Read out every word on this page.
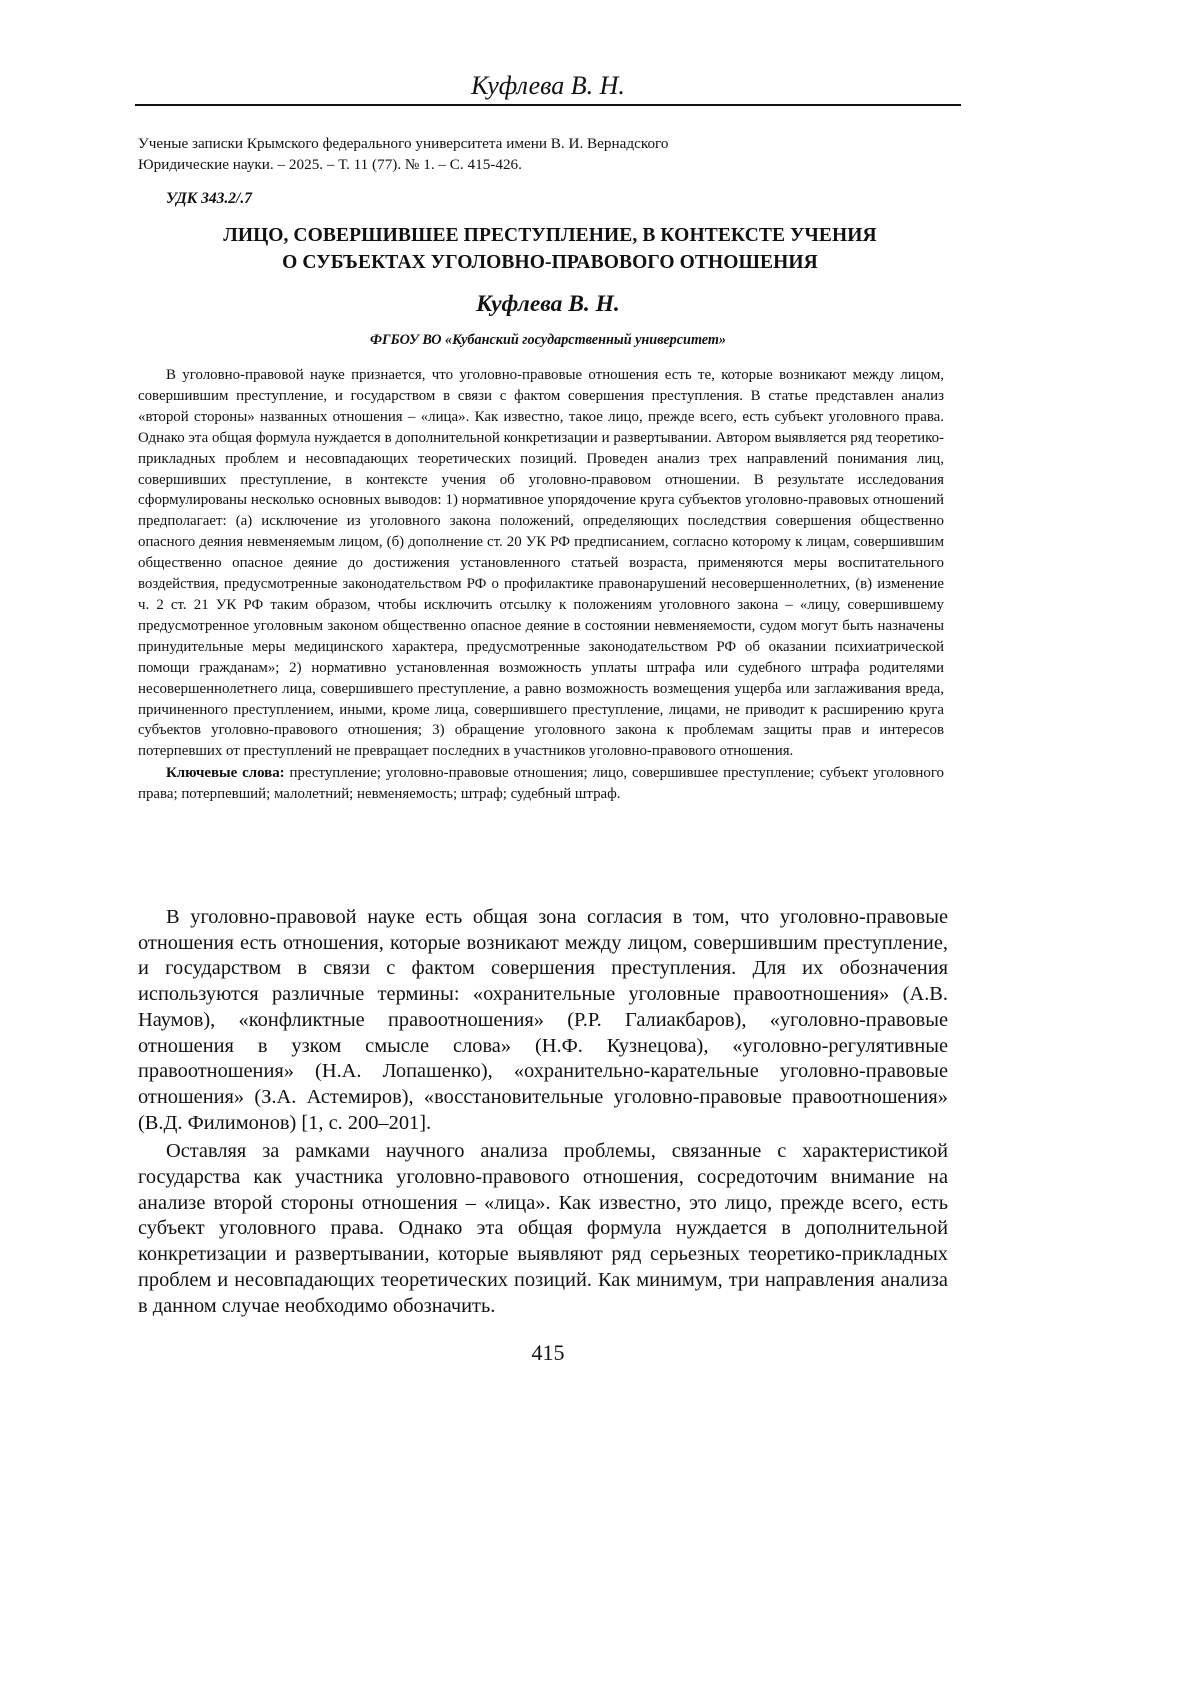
Куфлева В. Н.
Ученые записки Крымского федерального университета имени В. И. Вернадского
Юридические науки. – 2025. – Т. 11 (77). № 1. – С. 415-426.
УДК 343.2/.7
ЛИЦО, СОВЕРШИВШЕЕ ПРЕСТУПЛЕНИЕ, В КОНТЕКСТЕ УЧЕНИЯ
О СУБЪЕКТАХ УГОЛОВНО-ПРАВОВОГО ОТНОШЕНИЯ
Куфлева В. Н.
ФГБОУ ВО «Кубанский государственный университет»

В уголовно-правовой науке признается, что уголовно-правовые отношения есть те, которые возни­кают между лицом, совершившим преступление, и государством в связи с фактом совершения пре­ступления. В статье представлен анализ «второй стороны» названных отношения – «лица». Как из­вестно, такое лицо, прежде всего, есть субъект уголовного права. Однако эта общая формула нуждает­ся в дополнительной конкретизации и развертывании. Автором выявляется ряд теоретико-прикладных проблем и несовпадающих теоретических позиций. Проведен анализ трех направлений понимания лиц, совершивших преступление, в контексте учения об уголовно-правовом отношении. В результате исследования сформулированы несколько основных выводов: 1) нормативное упорядочение круга субъектов уголовно-правовых отношений предполагает: (а) исключение из уголовного закона положе­ний, определяющих последствия совершения общественно опасного деяния невменяемым лицом, (б) дополнение ст. 20 УК РФ предписанием, согласно которому к лицам, совершившим общественно опасное деяние до достижения установленного статьей возраста, применяются меры воспитательного воздействия, предусмотренные законодательством РФ о профилактике правонарушений несовершен­нолетних, (в) изменение ч. 2 ст. 21 УК РФ таким образом, чтобы исключить отсылку к положениям уголовного закона – «лицу, совершившему предусмотренное уголовным законом общественно опасное деяние в состоянии невменяемости, судом могут быть назначены принудительные меры медицинского характера, предусмотренные законодательством РФ об оказании психиатрической помощи гражда­нам»; 2) нормативно установленная возможность уплаты штрафа или судебного штрафа родителями несовершеннолетнего лица, совершившего преступление, а равно возможность возмещения ущерба или заглаживания вреда, причиненного преступлением, иными, кроме лица, совершившего преступле­ние, лицами, не приводит к расширению круга субъектов уголовно-правового отношения; 3) обращение уголовного закона к проблемам защиты прав и интересов потерпевших от преступлений не превращает последних в участников уголовно-правового отношения.

Ключевые слова: преступление; уголовно-правовые отношения; лицо, совершившее преступле­ние; субъект уголовного права; потерпевший; малолетний; невменяемость; штраф; судебный штраф.

В уголовно-правовой науке есть общая зона согласия в том, что уголовно-правовые отношения есть отношения, которые возникают между лицом, совершив­шим преступление, и государством в связи с фактом совершения преступления. Для их обозначения используются различные термины: «охранительные уголовные пра­воотношения» (А.В. Наумов), «конфликтные правоотношения» (Р.Р. Галиакбаров), «уголовно-правовые отношения в узком смысле слова» (Н.Ф. Кузнецова), «уголов­но-регулятивные правоотношения» (Н.А. Лопашенко), «охранительно-карательные уголовно-правовые отношения» (З.А. Астемиров), «восстановительные уголовно-правовые правоотношения» (В.Д. Филимонов) [1, с. 200–201].

Оставляя за рамками научного анализа проблемы, связанные с характеристикой государства как участника уголовно-правового отношения, сосредоточим внимание на анализе второй стороны отношения – «лица». Как известно, это лицо, прежде всего, есть субъект уголовного права. Однако эта общая формула нуждается в до­полнительной конкретизации и развертывании, которые выявляют ряд серьезных теоретико-прикладных проблем и несовпадающих теоретических позиций. Как ми­нимум, три направления анализа в данном случае необходимо обозначить.

415
